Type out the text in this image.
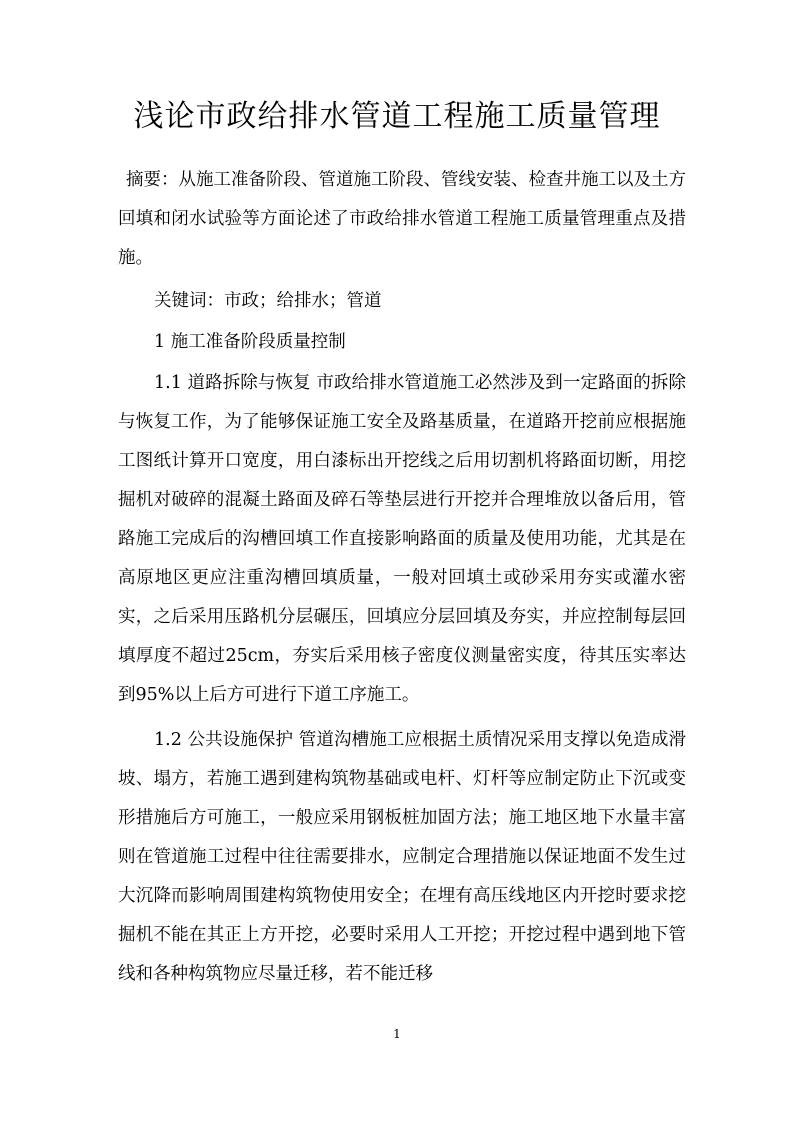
浅论市政给排水管道工程施工质量管理

摘要：从施工准备阶段、管道施工阶段、管线安装、检查井施工以及土方回填和闭水试验等方面论述了市政给排水管道工程施工质量管理重点及措施。

关键词：市政；给排水；管道

1 施工准备阶段质量控制

1.1 道路拆除与恢复 市政给排水管道施工必然涉及到一定路面的拆除与恢复工作，为了能够保证施工安全及路基质量，在道路开挖前应根据施工图纸计算开口宽度，用白漆标出开挖线之后用切割机将路面切断，用挖掘机对破碎的混凝土路面及碎石等垫层进行开挖并合理堆放以备后用，管路施工完成后的沟槽回填工作直接影响路面的质量及使用功能，尤其是在高原地区更应注重沟槽回填质量，一般对回填土或砂采用夯实或灌水密实，之后采用压路机分层碾压，回填应分层回填及夯实，并应控制每层回填厚度不超过25cm，夯实后采用核子密度仪测量密实度，待其压实率达到95%以上后方可进行下道工序施工。

1.2 公共设施保护 管道沟槽施工应根据土质情况采用支撑以免造成滑坡、塌方，若施工遇到建构筑物基础或电杆、灯杆等应制定防止下沉或变形措施后方可施工，一般应采用钢板桩加固方法；施工地区地下水量丰富则在管道施工过程中往往需要排水，应制定合理措施以保证地面不发生过大沉降而影响周围建构筑物使用安全；在埋有高压线地区内开挖时要求挖掘机不能在其正上方开挖，必要时采用人工开挖；开挖过程中遇到地下管线和各种构筑物应尽量迁移，若不能迁移

1
